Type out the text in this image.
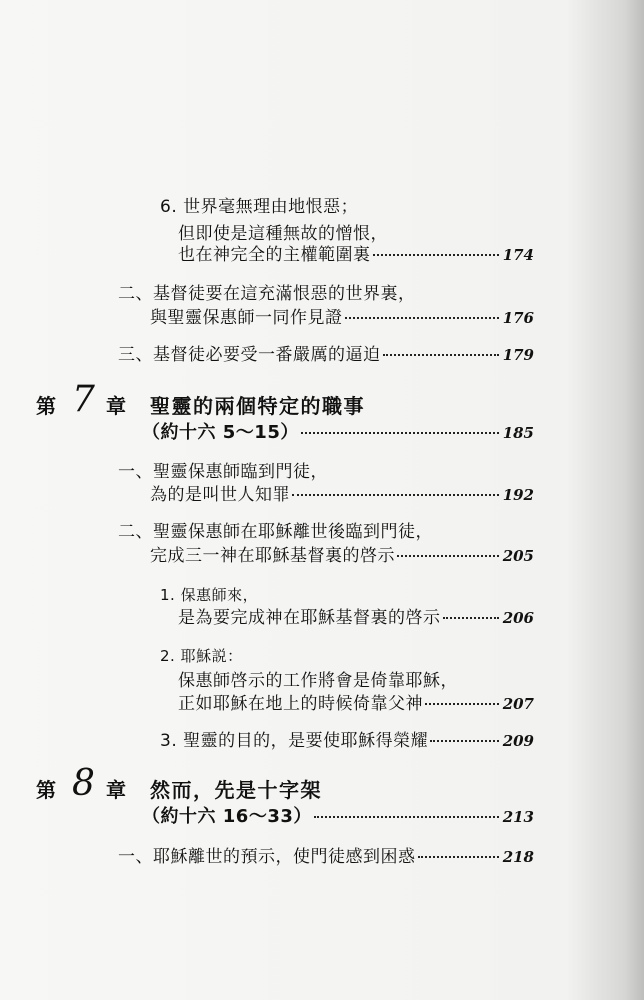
6. 世界毫無理由地恨惡；
但即使是這種無故的憎恨，
也在神完全的主權範圍裏	174
二、基督徒要在這充滿恨惡的世界裏，
與聖靈保惠師一同作見證	176
三、基督徒必要受一番嚴厲的逼迫	179
第 7 章 聖靈的兩個特定的職事
（約十六 5～15）	185
一、聖靈保惠師臨到門徒，
為的是叫世人知罪	192
二、聖靈保惠師在耶穌離世後臨到門徒，
完成三一神在耶穌基督裏的啓示	205
1. 保惠師來，
是為要完成神在耶穌基督裏的啓示	206
2. 耶穌説：
保惠師啓示的工作將會是倚靠耶穌，
正如耶穌在地上的時候倚靠父神	207
3. 聖靈的目的，是要使耶穌得榮耀	209
第 8 章 然而，先是十字架
（約十六 16～33）	213
一、耶穌離世的預示，使門徒感到困惑	218
